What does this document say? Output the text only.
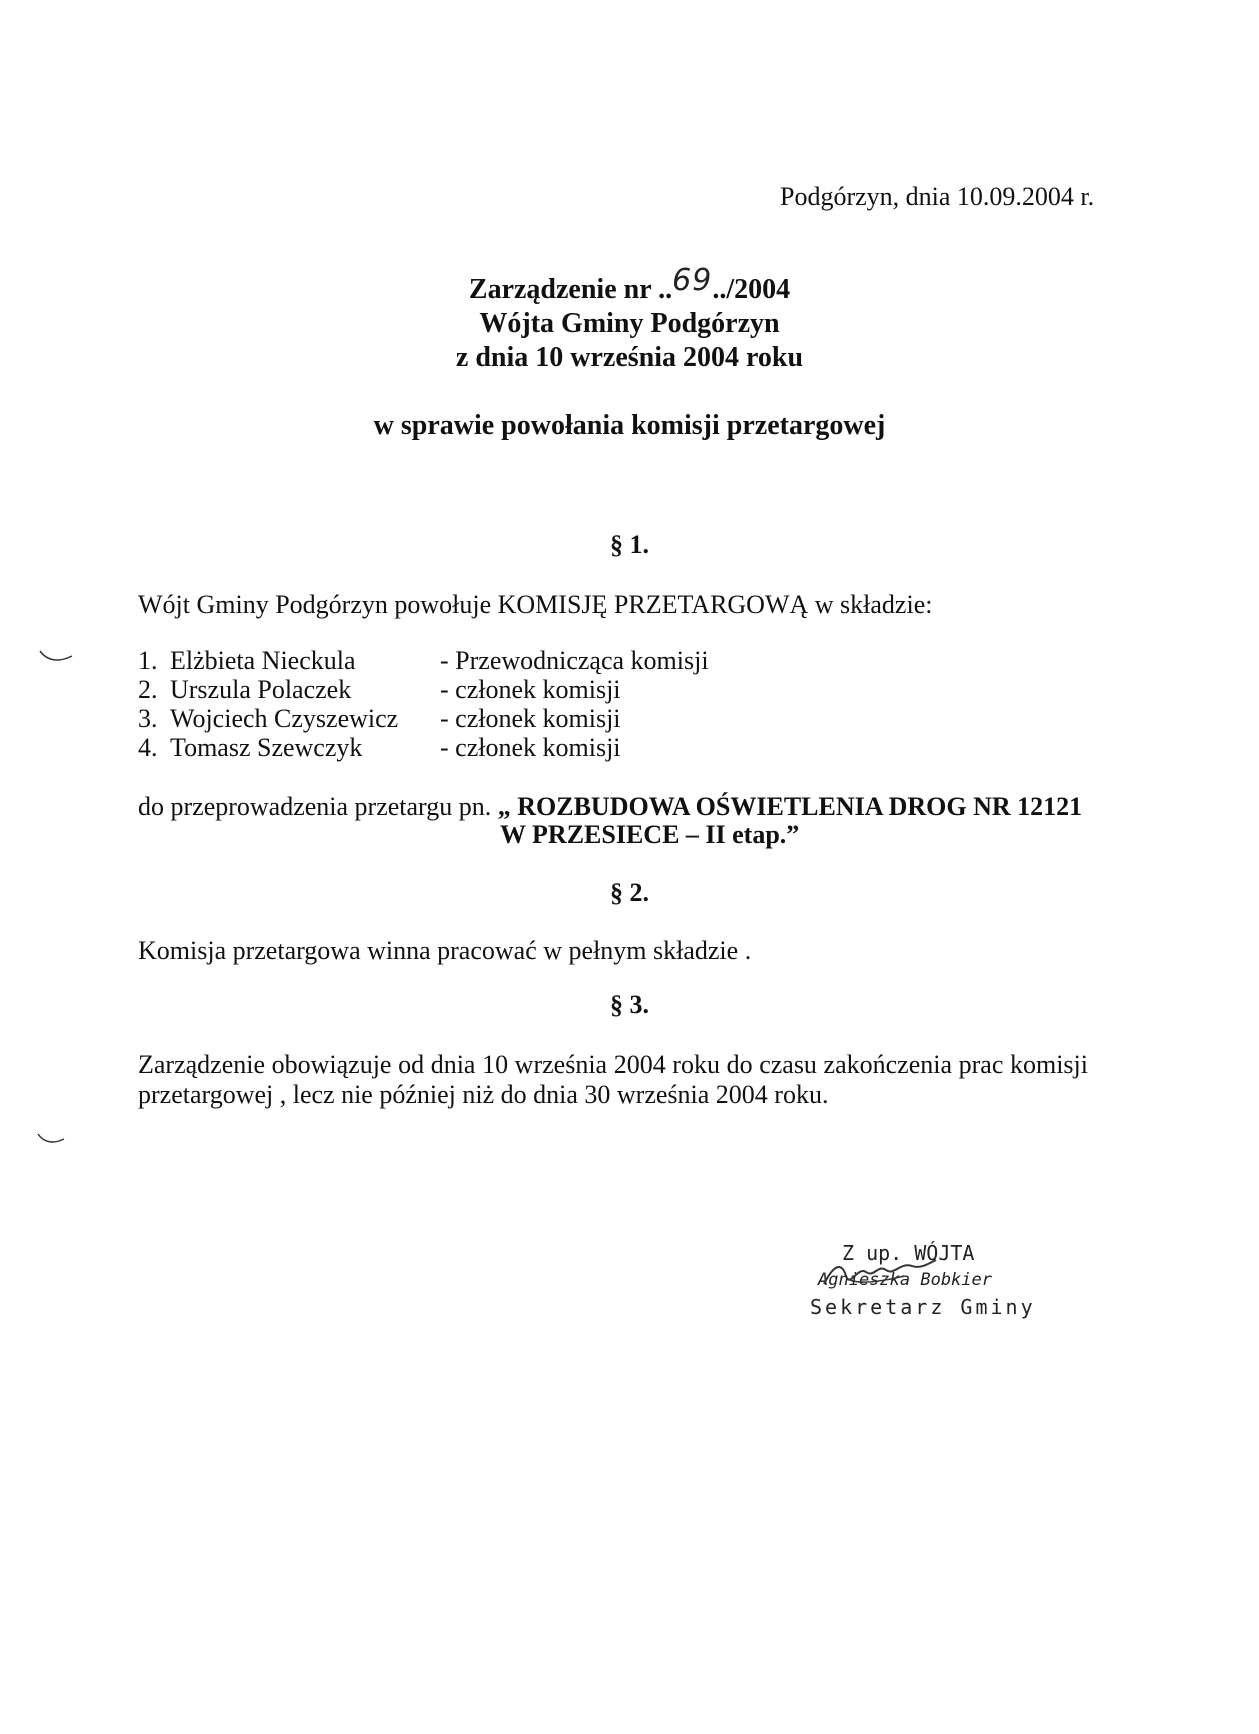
Podgórzyn, dnia 10.09.2004 r.
Zarządzenie nr ..69../2004
Wójta Gminy Podgórzyn
z dnia 10 września 2004 roku
w sprawie powołania komisji przetargowej
§ 1.
Wójt Gminy Podgórzyn powołuje KOMISJĘ PRZETARGOWĄ w składzie:
1. Elżbieta Nieckula	- Przewodnicząca komisji
2. Urszula Polaczek	- członek komisji
3. Wojciech Czyszewicz - członek komisji
4. Tomasz Szewczyk	- członek komisji
do przeprowadzenia przetargu pn. „ ROZBUDOWA OŚWIETLENIA DROG NR 12121
W PRZESIECE – II etap.”
§ 2.
Komisja przetargowa winna pracować w pełnym składzie .
§ 3.
Zarządzenie obowiązuje od dnia 10 września 2004 roku do czasu zakończenia prac komisji przetargowej , lecz nie później niż do dnia 30 września 2004 roku.
Z up. WÓJTA
Agnieszka Bobkier
Sekretarz Gminy
